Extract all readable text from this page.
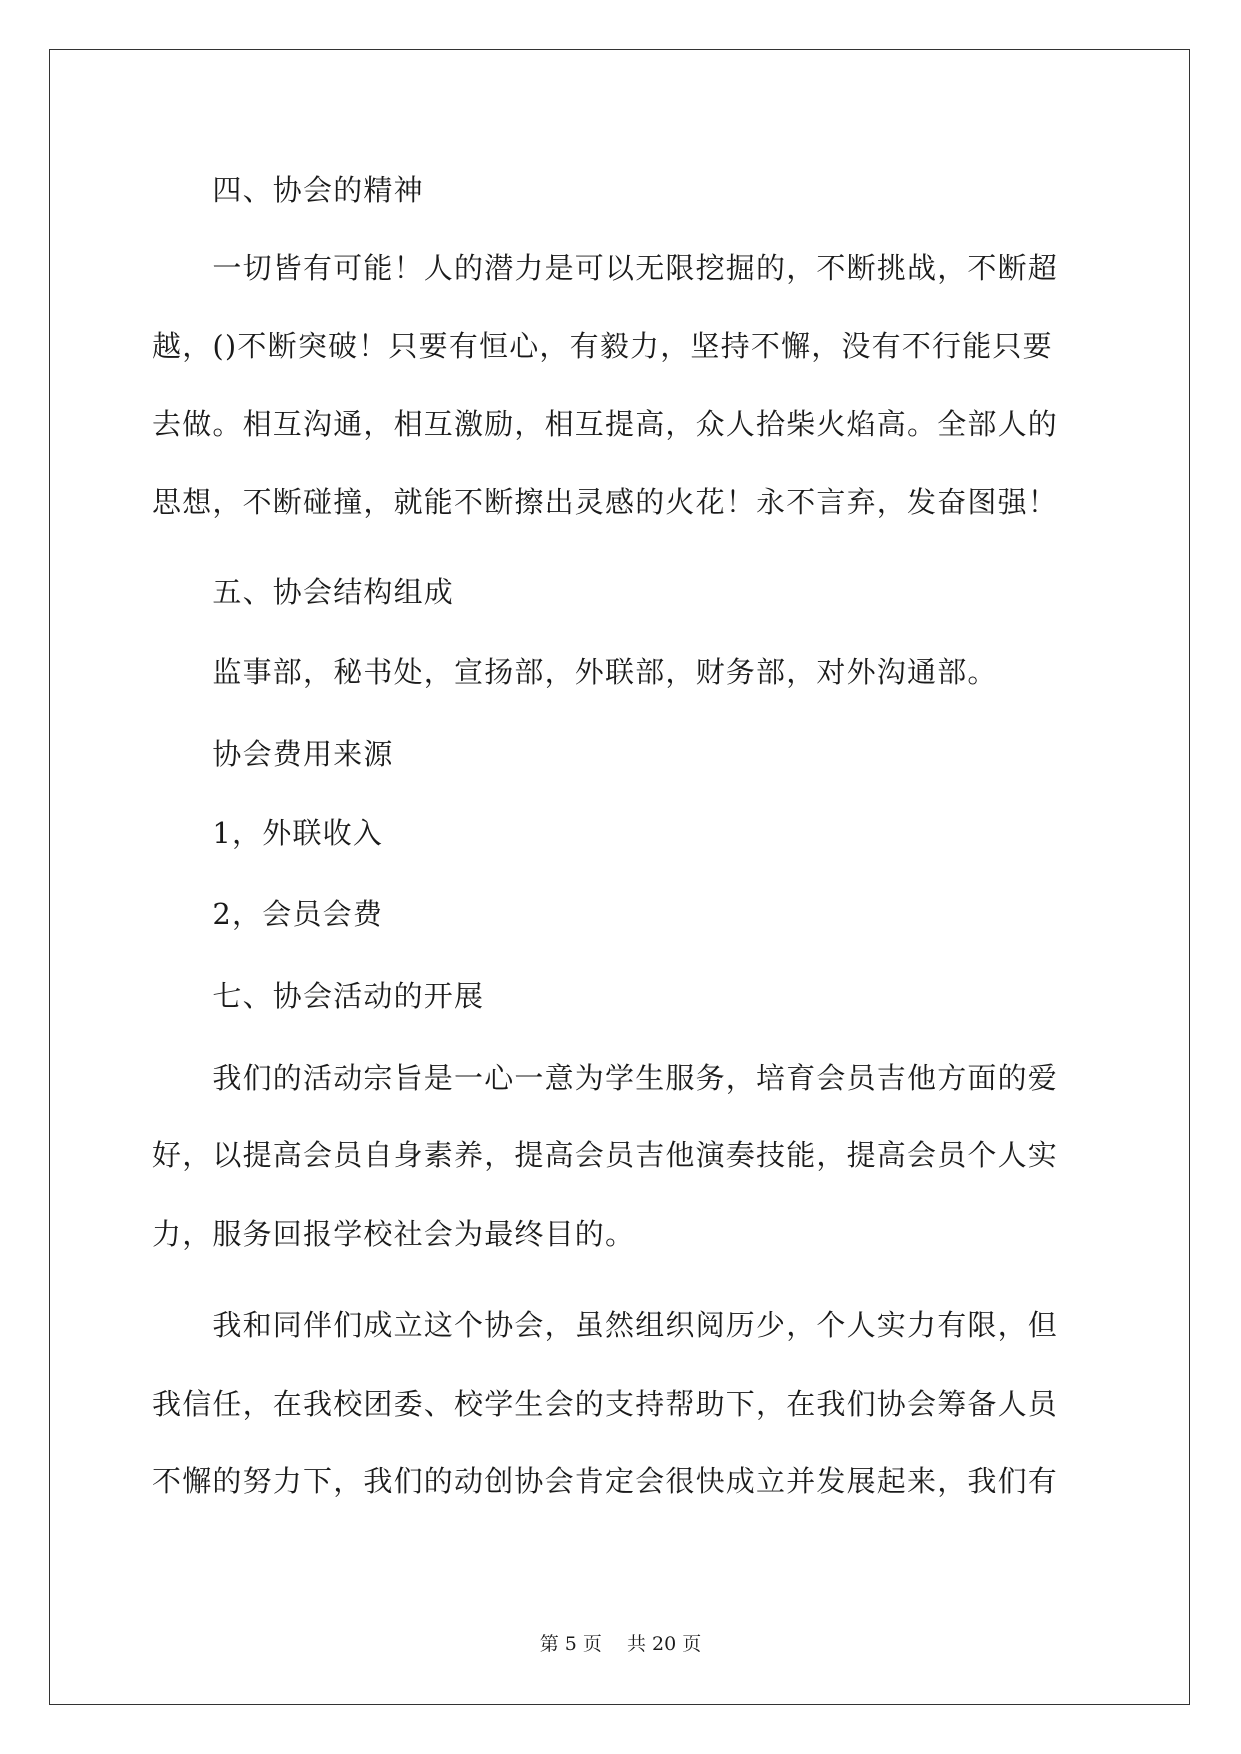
　　四、协会的精神
　　一切皆有可能！人的潜力是可以无限挖掘的，不断挑战，不断超
越，()不断突破！只要有恒心，有毅力，坚持不懈，没有不行能只要
去做。相互沟通，相互激励，相互提高，众人拾柴火焰高。全部人的
思想，不断碰撞，就能不断擦出灵感的火花！永不言弃，发奋图强！
　　五、协会结构组成
　　监事部，秘书处，宣扬部，外联部，财务部，对外沟通部。
　　协会费用来源
　　1，外联收入
　　2，会员会费
　　七、协会活动的开展
　　我们的活动宗旨是一心一意为学生服务，培育会员吉他方面的爱
好，以提高会员自身素养，提高会员吉他演奏技能，提高会员个人实
力，服务回报学校社会为最终目的。
　　我和同伴们成立这个协会，虽然组织阅历少，个人实力有限，但
我信任，在我校团委、校学生会的支持帮助下，在我们协会筹备人员
不懈的努力下，我们的动创协会肯定会很快成立并发展起来，我们有
第 5 页　 共 20 页
